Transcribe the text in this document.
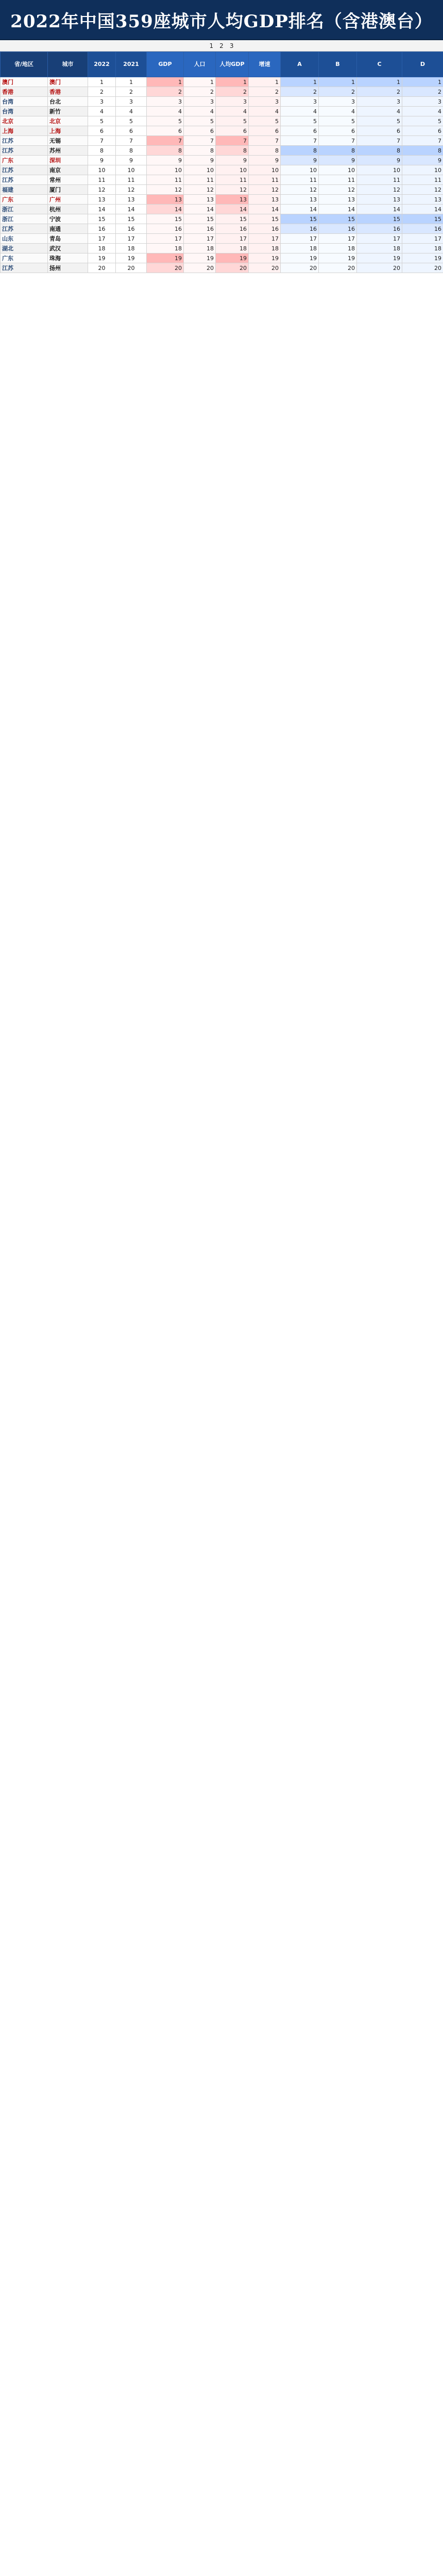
2022年中国359座城市人均GDP排名（含港澳台）
1 2 3
省/地区	城市	2022	2021	GDP	人口	人均GDP	增速	A	B	C	D
澳门	澳门	1	1	1	1	1	1	1	1	1	1
香港	香港	2	2	2	2	2	2	2	2	2	2
台湾	台北	3	3	3	3	3	3	3	3	3	3
台湾	新竹	4	4	4	4	4	4	4	4	4	4
北京	北京	5	5	5	5	5	5	5	5	5	5
上海	上海	6	6	6	6	6	6	6	6	6	6
江苏	无锡	7	7	7	7	7	7	7	7	7	7
江苏	苏州	8	8	8	8	8	8	8	8	8	8
广东	深圳	9	9	9	9	9	9	9	9	9	9
江苏	南京	10	10	10	10	10	10	10	10	10	10
江苏	常州	11	11	11	11	11	11	11	11	11	11
福建	厦门	12	12	12	12	12	12	12	12	12	12
广东	广州	13	13	13	13	13	13	13	13	13	13
浙江	杭州	14	14	14	14	14	14	14	14	14	14
浙江	宁波	15	15	15	15	15	15	15	15	15	15
江苏	南通	16	16	16	16	16	16	16	16	16	16
山东	青岛	17	17	17	17	17	17	17	17	17	17
湖北	武汉	18	18	18	18	18	18	18	18	18	18
广东	珠海	19	19	19	19	19	19	19	19	19	19
江苏	扬州	20	20	20	20	20	20	20	20	20	20
